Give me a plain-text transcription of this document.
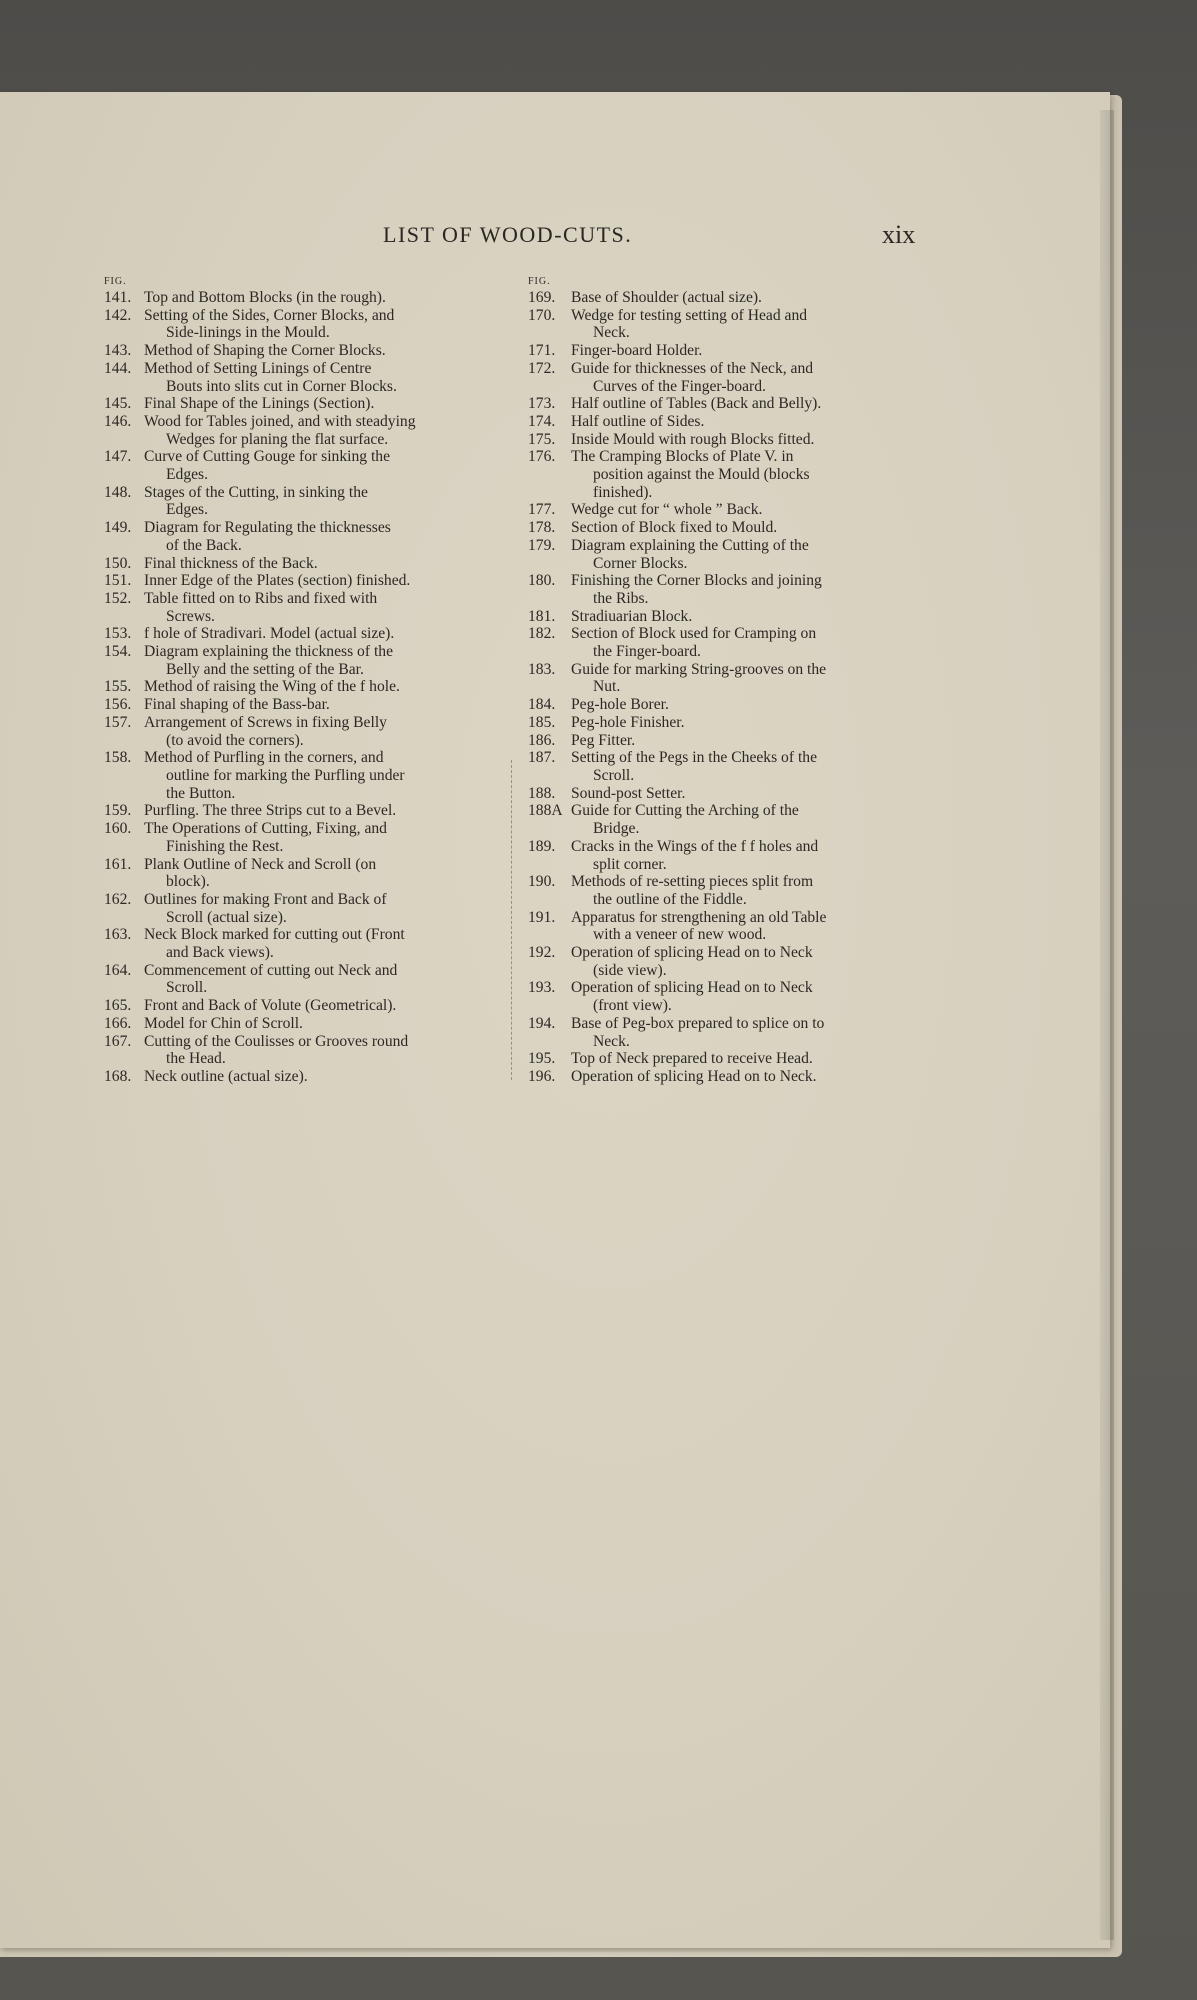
LIST OF WOOD-CUTS.	xix
FIG.
141. Top and Bottom Blocks (in the rough).
142. Setting of the Sides, Corner Blocks, and
Side-linings in the Mould.
143. Method of Shaping the Corner Blocks.
144. Method of Setting Linings of Centre
Bouts into slits cut in Corner Blocks.
145. Final Shape of the Linings (Section).
146. Wood for Tables joined, and with steadying
Wedges for planing the flat surface.
147. Curve of Cutting Gouge for sinking the
Edges.
148. Stages of the Cutting, in sinking the
Edges.
149. Diagram for Regulating the thicknesses
of the Back.
150. Final thickness of the Back.
151. Inner Edge of the Plates (section) finished.
152. Table fitted on to Ribs and fixed with
Screws.
153. f hole of Stradivari. Model (actual size).
154. Diagram explaining the thickness of the
Belly and the setting of the Bar.
155. Method of raising the Wing of the f hole.
156. Final shaping of the Bass-bar.
157. Arrangement of Screws in fixing Belly
(to avoid the corners).
158. Method of Purfling in the corners, and
outline for marking the Purfling under
the Button.
159. Purfling. The three Strips cut to a Bevel.
160. The Operations of Cutting, Fixing, and
Finishing the Rest.
161. Plank Outline of Neck and Scroll (on
block).
162. Outlines for making Front and Back of
Scroll (actual size).
163. Neck Block marked for cutting out (Front
and Back views).
164. Commencement of cutting out Neck and
Scroll.
165. Front and Back of Volute (Geometrical).
166. Model for Chin of Scroll.
167. Cutting of the Coulisses or Grooves round
the Head.
168. Neck outline (actual size).
FIG.
169.	Base of Shoulder (actual size).
170.	Wedge for testing setting of Head and
Neck.
171.	Finger-board Holder.
172.	Guide for thicknesses of the Neck, and
Curves of the Finger-board.
173.	Half outline of Tables (Back and Belly).
174.	Half outline of Sides.
175.	Inside Mould with rough Blocks fitted.
176.	The Cramping Blocks of Plate V. in
position against the Mould (blocks
finished).
177.	Wedge cut for “ whole ” Back.
178.	Section of Block fixed to Mould.
179.	Diagram explaining the Cutting of the
Corner Blocks.
180.	Finishing the Corner Blocks and joining
the Ribs.
181.	Stradiuarian Block.
182.	Section of Block used for Cramping on
the Finger-board.
183.	Guide for marking String-grooves on the
Nut.
184.	Peg-hole Borer.
185.	Peg-hole Finisher.
186.	Peg Fitter.
187.	Setting of the Pegs in the Cheeks of the
Scroll.
188.	Sound-post Setter.
188A Guide for Cutting the Arching of the
Bridge.
189.	Cracks in the Wings of the f f holes and
split corner.
190.	Methods of re-setting pieces split from
the outline of the Fiddle.
191.	Apparatus for strengthening an old Table
with a veneer of new wood.
192.	Operation of splicing Head on to Neck
(side view).
193.	Operation of splicing Head on to Neck
(front view).
194.	Base of Peg-box prepared to splice on to
Neck.
195.	Top of Neck prepared to receive Head.
196.	Operation of splicing Head on to Neck.
